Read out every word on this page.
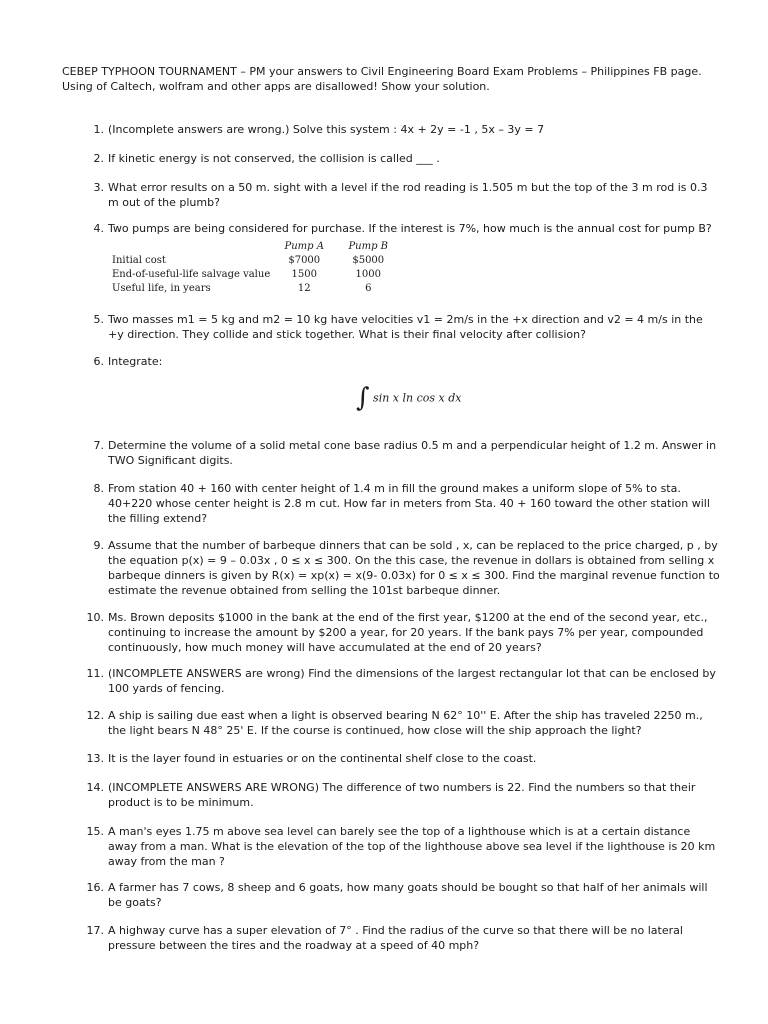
CEBEP TYPHOON TOURNAMENT – PM your answers to Civil Engineering Board Exam Problems – Philippines FB page.
Using of Caltech, wolfram and other apps are disallowed! Show your solution.
1. (Incomplete answers are wrong.) Solve this system : 4x + 2y = -1 , 5x – 3y = 7
2. If kinetic energy is not conserved, the collision is called ___ .
3. What error results on a 50 m. sight with a level if the rod reading is 1.505 m but the top of the 3 m rod is 0.3 m out of the plumb?
4. Two pumps are being considered for purchase. If the interest is 7%, how much is the annual cost for pump B?
	Pump A	Pump B
Initial cost	$7000	$5000
End-of-useful-life salvage value	1500	1000
Useful life, in years	12	6
5. Two masses m1 = 5 kg and m2 = 10 kg have velocities v1 = 2m/s in the +x direction and v2 = 4 m/s in the +y direction. They collide and stick together. What is their final velocity after collision?
6. Integrate:
∫ sin x ln cos x dx
7. Determine the volume of a solid metal cone base radius 0.5 m and a perpendicular height of 1.2 m. Answer in TWO Significant digits.
8. From station 40 + 160 with center height of 1.4 m in fill the ground makes a uniform slope of 5% to sta. 40+220 whose center height is 2.8 m cut. How far in meters from Sta. 40 + 160 toward the other station will the filling extend?
9. Assume that the number of barbeque dinners that can be sold , x, can be replaced to the price charged, p , by the equation p(x) = 9 – 0.03x , 0 ≤ x ≤ 300. On the this case, the revenue in dollars is obtained from selling x barbeque dinners is given by R(x) = xp(x) = x(9- 0.03x) for 0 ≤ x ≤ 300. Find the marginal revenue function to estimate the revenue obtained from selling the 101st barbeque dinner.
10. Ms. Brown deposits $1000 in the bank at the end of the first year, $1200 at the end of the second year, etc., continuing to increase the amount by $200 a year, for 20 years. If the bank pays 7% per year, compounded continuously, how much money will have accumulated at the end of 20 years?
11. (INCOMPLETE ANSWERS are wrong) Find the dimensions of the largest rectangular lot that can be enclosed by 100 yards of fencing.
12. A ship is sailing due east when a light is observed bearing N 62° 10'' E. After the ship has traveled 2250 m., the light bears N 48° 25' E. If the course is continued, how close will the ship approach the light?
13. It is the layer found in estuaries or on the continental shelf close to the coast.
14. (INCOMPLETE ANSWERS ARE WRONG) The difference of two numbers is 22. Find the numbers so that their product is to be minimum.
15. A man's eyes 1.75 m above sea level can barely see the top of a lighthouse which is at a certain distance away from a man. What is the elevation of the top of the lighthouse above sea level if the lighthouse is 20 km away from the man ?
16. A farmer has 7 cows, 8 sheep and 6 goats, how many goats should be bought so that half of her animals will be goats?
17. A highway curve has a super elevation of 7° . Find the radius of the curve so that there will be no lateral pressure between the tires and the roadway at a speed of 40 mph?
